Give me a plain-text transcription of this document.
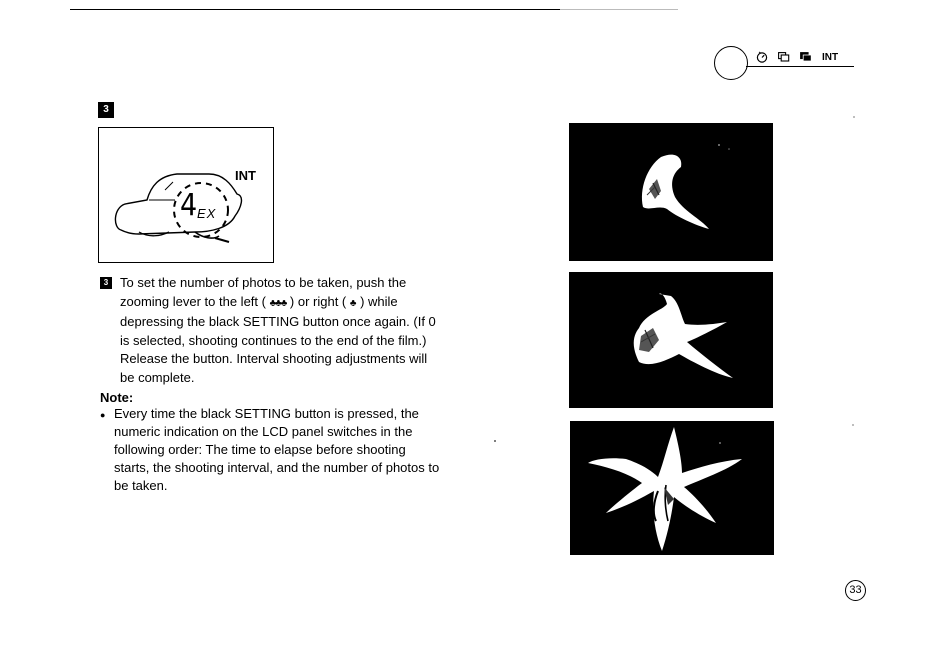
INT
3
INT
4 EX
3 To set the number of photos to be taken, push the
zooming lever to the left ( ♣♣♣ ) or right ( ♣ ) while
depressing the black SETTING button once again. (If 0
is selected, shooting continues to the end of the film.)
Release the button. Interval shooting adjustments will
be complete.
Note:
● Every time the black SETTING button is pressed, the
numeric indication on the LCD panel switches in the
following order: The time to elapse before shooting
starts, the shooting interval, and the number of photos to
be taken.
33
